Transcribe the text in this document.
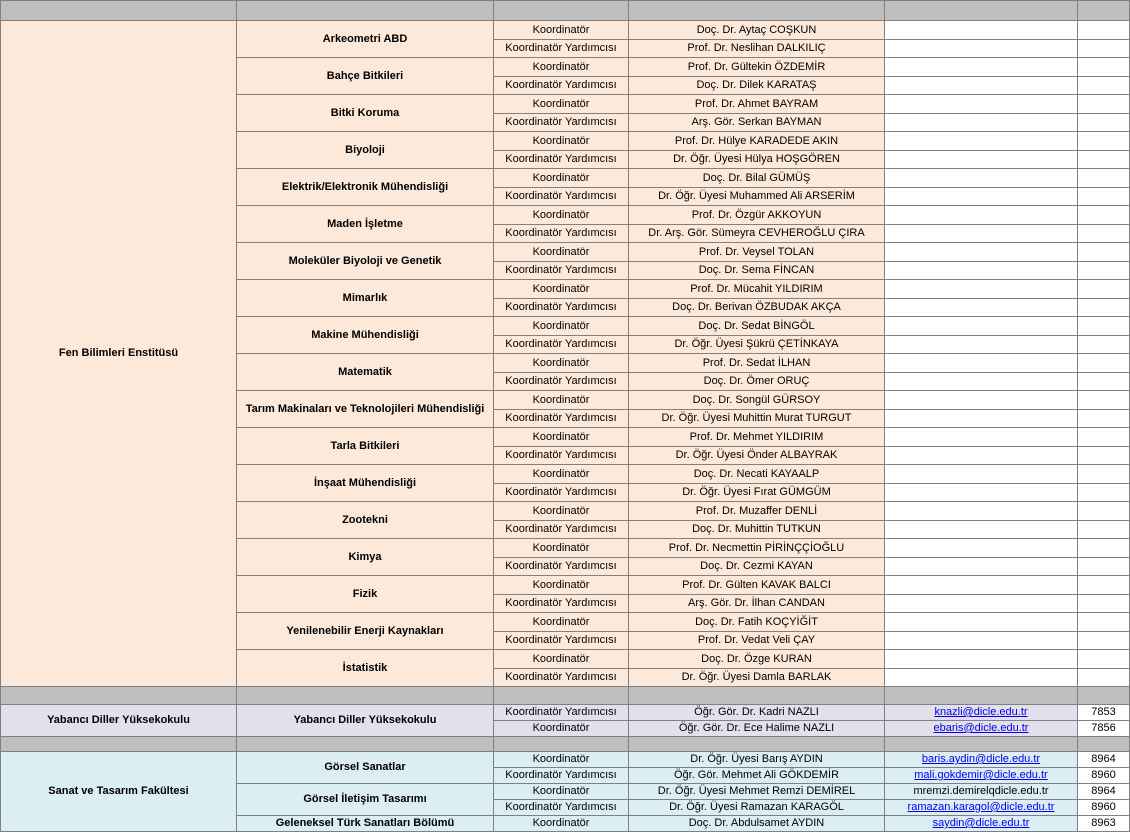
Fen Bilimleri Enstitüsü	Arkeometri ABD	Koordinatör	Doç. Dr. Aytaç COŞKUN		
		Koordinatör Yardımcısı	Prof. Dr. Neslihan DALKILIÇ		
	Bahçe Bitkileri	Koordinatör	Prof. Dr. Gültekin ÖZDEMİR		
		Koordinatör Yardımcısı	Doç. Dr. Dilek KARATAŞ		
	Bitki Koruma	Koordinatör	Prof. Dr. Ahmet BAYRAM		
		Koordinatör Yardımcısı	Arş. Gör. Serkan BAYMAN		
	Biyoloji	Koordinatör	Prof. Dr. Hülye KARADEDE AKIN		
		Koordinatör Yardımcısı	Dr. Öğr. Üyesi Hülya HOŞGÖREN		
	Elektrik/Elektronik Mühendisliği	Koordinatör	Doç. Dr. Bilal GÜMÜŞ		
		Koordinatör Yardımcısı	Dr. Öğr. Üyesi Muhammed Ali ARSERİM		
	Maden İşletme	Koordinatör	Prof. Dr. Özgür AKKOYUN		
		Koordinatör Yardımcısı	Dr. Arş. Gör. Sümeyra CEVHEROĞLU ÇIRA		
	Moleküler Biyoloji ve Genetik	Koordinatör	Prof. Dr. Veysel TOLAN		
		Koordinatör Yardımcısı	Doç. Dr. Sema FİNCAN		
	Mimarlık	Koordinatör	Prof. Dr. Mücahit YILDIRIM		
		Koordinatör Yardımcısı	Doç. Dr. Berivan ÖZBUDAK AKÇA		
	Makine Mühendisliği	Koordinatör	Doç. Dr. Sedat BİNGÖL		
		Koordinatör Yardımcısı	Dr. Öğr. Üyesi Şükrü ÇETİNKAYA		
	Matematik	Koordinatör	Prof. Dr. Sedat İLHAN		
		Koordinatör Yardımcısı	Doç. Dr. Ömer ORUÇ		
	Tarım Makinaları ve Teknolojileri Mühendisliği	Koordinatör	Doç. Dr. Songül GÜRSOY		
		Koordinatör Yardımcısı	Dr. Öğr. Üyesi Muhittin Murat TURGUT		
	Tarla Bitkileri	Koordinatör	Prof. Dr. Mehmet YILDIRIM		
		Koordinatör Yardımcısı	Dr. Öğr. Üyesi Önder ALBAYRAK		
	İnşaat Mühendisliği	Koordinatör	Doç. Dr. Necati KAYAALP		
		Koordinatör Yardımcısı	Dr. Öğr. Üyesi Fırat GÜMGÜM		
	Zootekni	Koordinatör	Prof. Dr. Muzaffer DENLİ		
		Koordinatör Yardımcısı	Doç. Dr. Muhittin TUTKUN		
	Kimya	Koordinatör	Prof. Dr. Necmettin PİRİNÇÇİOĞLU		
		Koordinatör Yardımcısı	Doç. Dr. Cezmi KAYAN		
	Fizik	Koordinatör	Prof. Dr. Gülten KAVAK BALCI		
		Koordinatör Yardımcısı	Arş. Gör. Dr. İlhan CANDAN		
	Yenilenebilir Enerji Kaynakları	Koordinatör	Doç. Dr. Fatih KOÇYİĞİT		
		Koordinatör Yardımcısı	Prof. Dr. Vedat Veli ÇAY		
	İstatistik	Koordinatör	Doç. Dr. Özge KURAN		
		Koordinatör Yardımcısı	Dr. Öğr. Üyesi Damla BARLAK		

Yabancı Diller Yüksekokulu	Yabancı Diller Yüksekokulu	Koordinatör Yardımcısı	Öğr. Gör. Dr. Kadri NAZLI	knazli@dicle.edu.tr	7853
		Koordinatör	Öğr. Gör. Dr. Ece Halime NAZLI	ebaris@dicle.edu.tr	7856

Sanat ve Tasarım Fakültesi	Görsel Sanatlar	Koordinatör	Dr. Öğr. Üyesi Barış AYDIN	baris.aydin@dicle.edu.tr	8964
		Koordinatör Yardımcısı	Öğr. Gör. Mehmet Ali GÖKDEMİR	mali.gokdemir@dicle.edu.tr	8960
	Görsel İletişim Tasarımı	Koordinatör	Dr. Öğr. Üyesi Mehmet Remzi DEMİREL	mremzi.demirelqdicle.edu.tr	8964
		Koordinatör Yardımcısı	Dr. Öğr. Üyesi Ramazan KARAGÖL	ramazan.karagol@dicle.edu.tr	8960
	Geleneksel Türk Sanatları Bölümü	Koordinatör	Doç. Dr. Abdulsamet AYDIN	saydin@dicle.edu.tr	8963
